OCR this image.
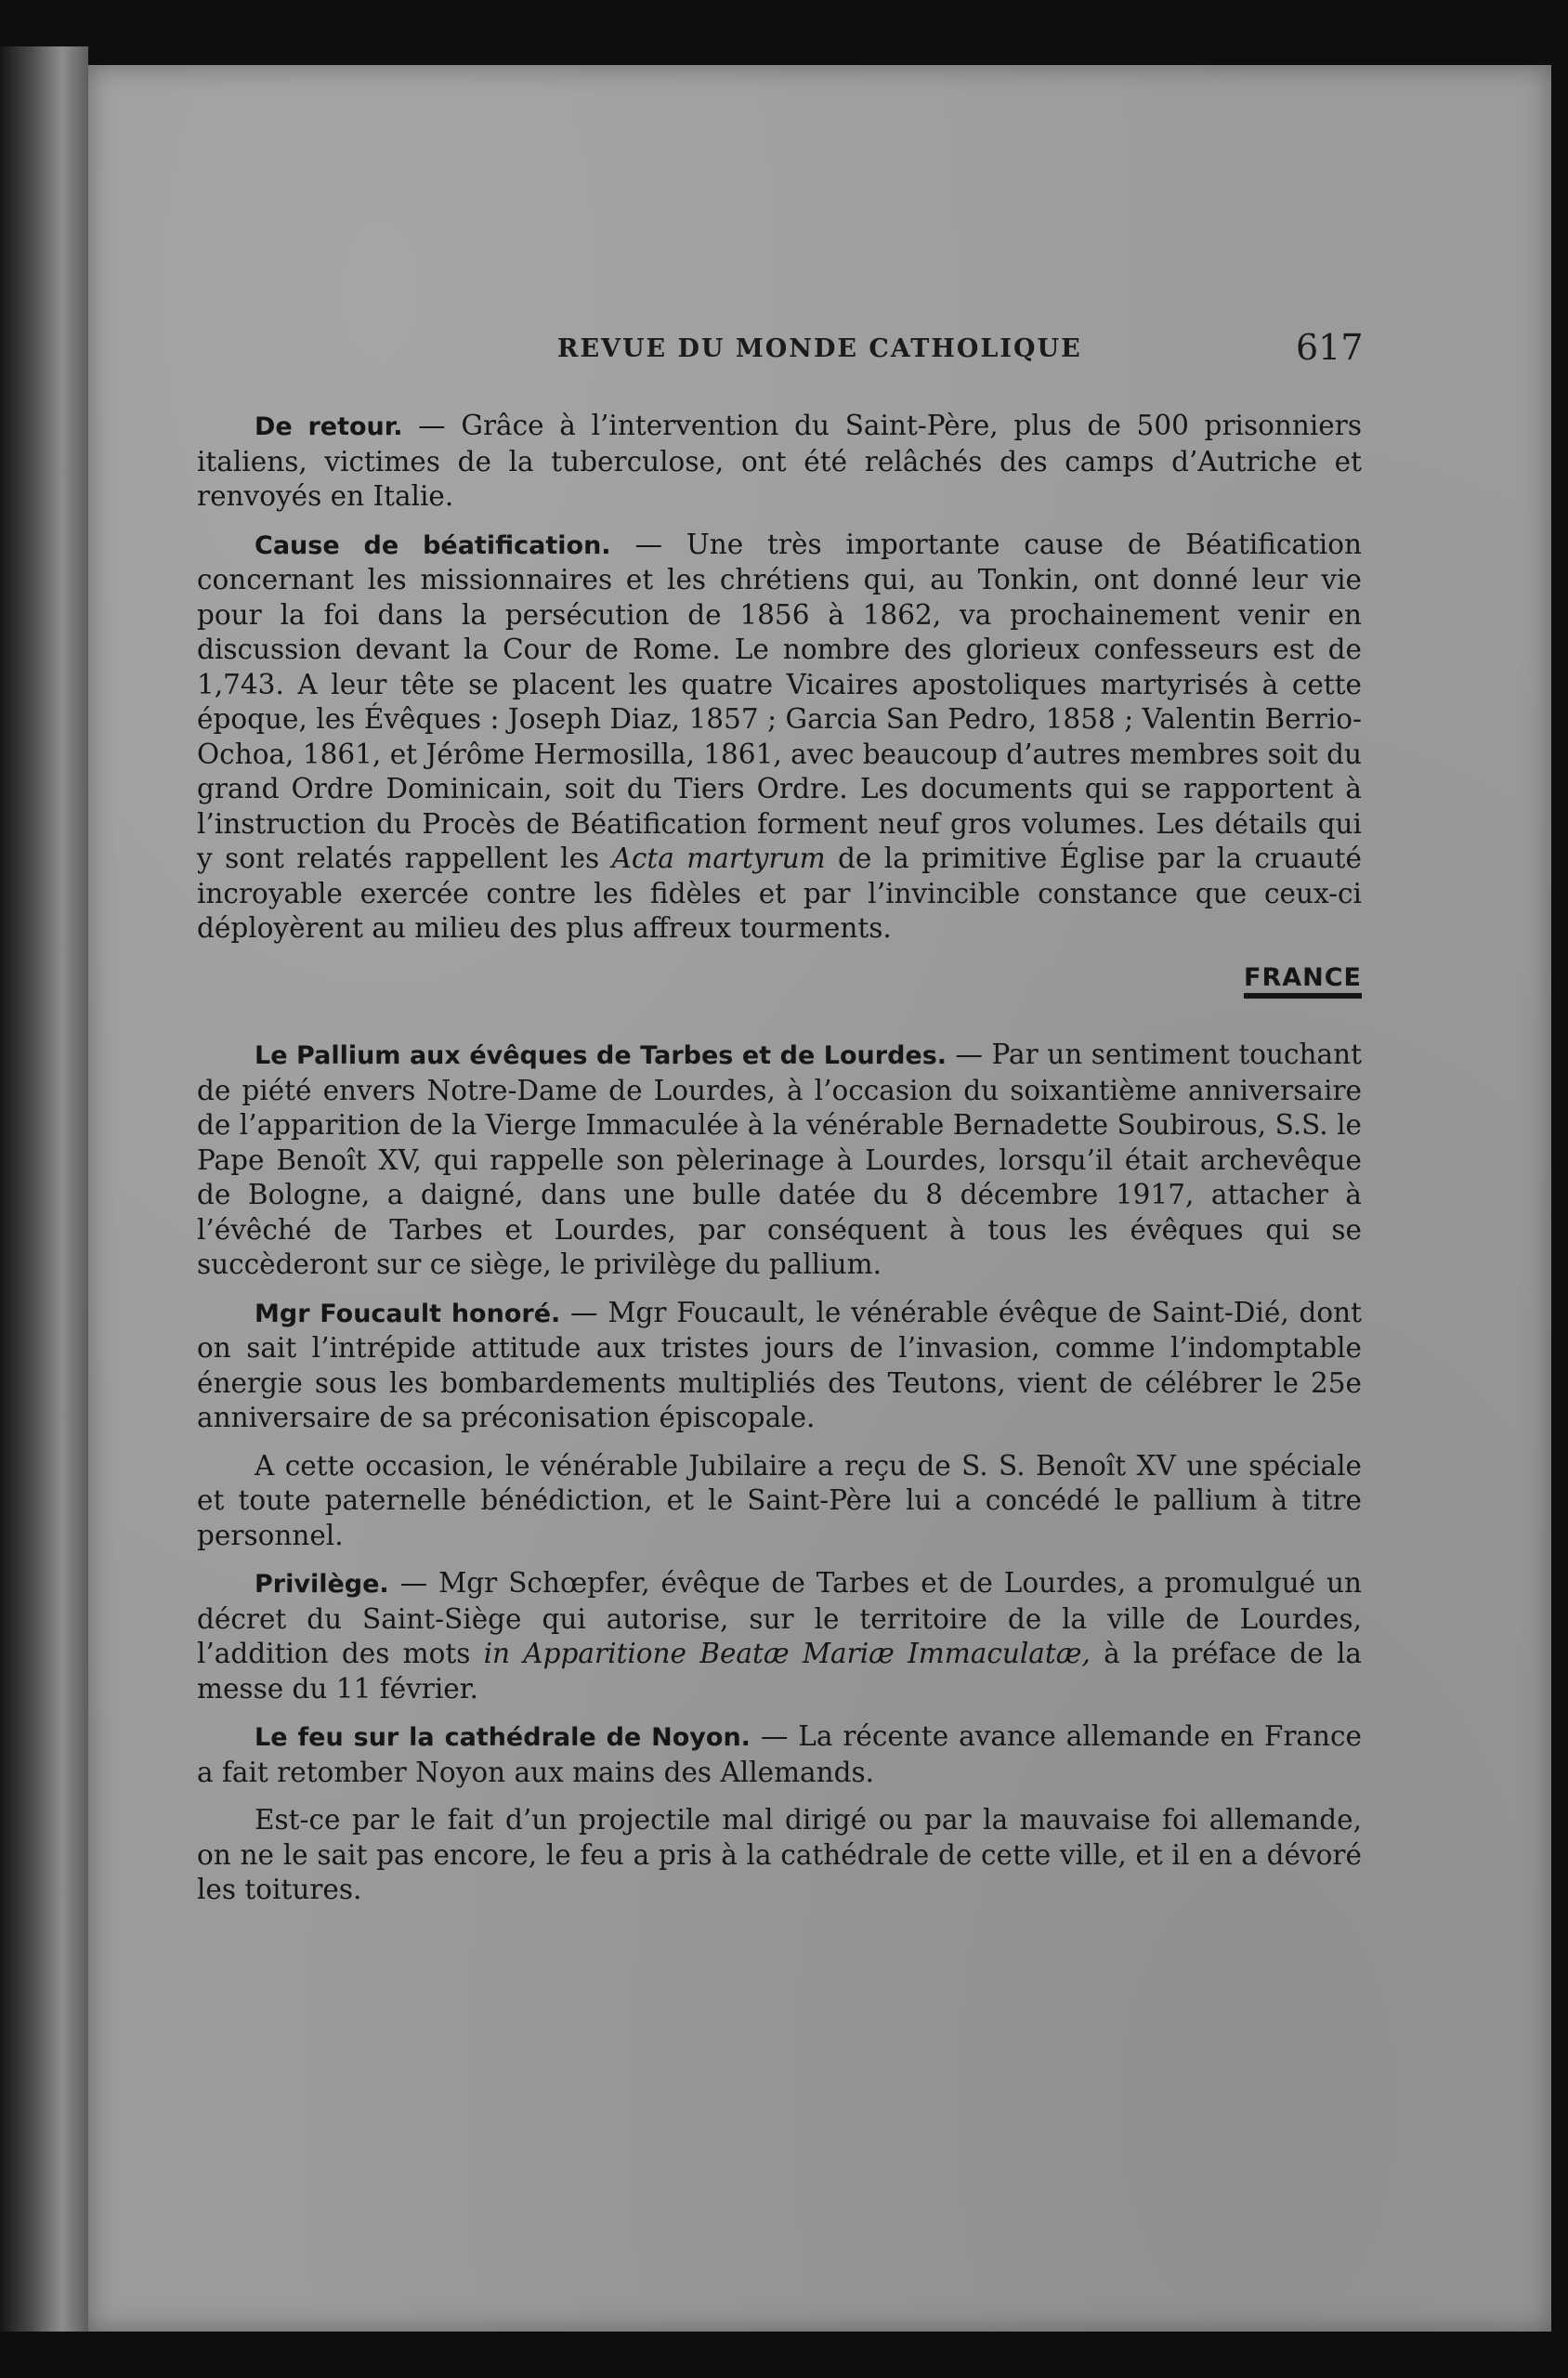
REVUE DU MONDE CATHOLIQUE	617

De retour. — Grâce à l’intervention du Saint-Père, plus de 500 prisonniers italiens, victimes de la tuberculose, ont été relâchés des camps d’Autriche et renvoyés en Italie.

Cause de béatification. — Une très importante cause de Béatification concernant les missionnaires et les chrétiens qui, au Tonkin, ont donné leur vie pour la foi dans la persécution de 1856 à 1862, va prochainement venir en discussion devant la Cour de Rome. Le nombre des glorieux confesseurs est de 1,743. A leur tête se placent les quatre Vicaires apostoliques martyrisés à cette époque, les Évêques : Joseph Diaz, 1857 ; Garcia San Pedro, 1858 ; Valentin Berrio-Ochoa, 1861, et Jérôme Hermosilla, 1861, avec beaucoup d’autres membres soit du grand Ordre Dominicain, soit du Tiers Ordre. Les documents qui se rapportent à l’instruction du Procès de Béatification forment neuf gros volumes. Les détails qui y sont relatés rappellent les Acta martyrum de la primitive Église par la cruauté incroyable exercée contre les fidèles et par l’invincible constance que ceux-ci déployèrent au milieu des plus affreux tourments.

FRANCE

Le Pallium aux évêques de Tarbes et de Lourdes. — Par un sentiment touchant de piété envers Notre-Dame de Lourdes, à l’occasion du soixantième anniversaire de l’apparition de la Vierge Immaculée à la vénérable Bernadette Soubirous, S.S. le Pape Benoît XV, qui rappelle son pèlerinage à Lourdes, lorsqu’il était archevêque de Bologne, a daigné, dans une bulle datée du 8 décembre 1917, attacher à l’évêché de Tarbes et Lourdes, par conséquent à tous les évêques qui se succèderont sur ce siège, le privilège du pallium.

Mgr Foucault honoré. — Mgr Foucault, le vénérable évêque de Saint-Dié, dont on sait l’intrépide attitude aux tristes jours de l’invasion, comme l’indomptable énergie sous les bombardements multipliés des Teutons, vient de célébrer le 25e anniversaire de sa préconisation épiscopale.

A cette occasion, le vénérable Jubilaire a reçu de S. S. Benoît XV une spéciale et toute paternelle bénédiction, et le Saint-Père lui a concédé le pallium à titre personnel.

Privilège. — Mgr Schœpfer, évêque de Tarbes et de Lourdes, a promulgué un décret du Saint-Siège qui autorise, sur le territoire de la ville de Lourdes, l’addition des mots in Apparitione Beatæ Mariæ Immaculatæ, à la préface de la messe du 11 février.

Le feu sur la cathédrale de Noyon. — La récente avance allemande en France a fait retomber Noyon aux mains des Allemands.

Est-ce par le fait d’un projectile mal dirigé ou par la mauvaise foi allemande, on ne le sait pas encore, le feu a pris à la cathédrale de cette ville, et il en a dévoré les toitures.
